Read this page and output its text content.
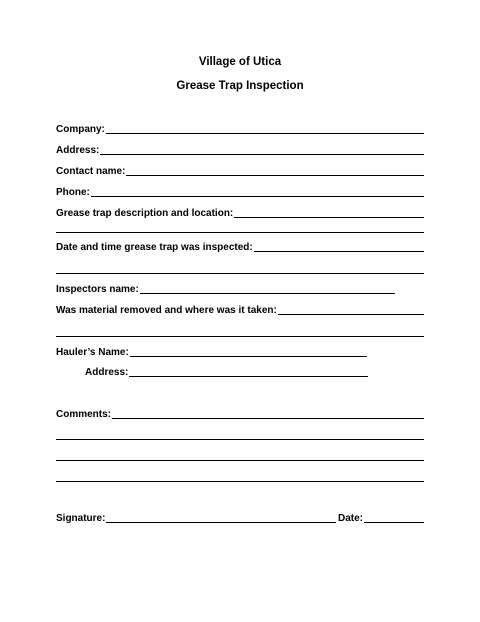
Village of Utica
Grease Trap Inspection
Company:
Address:
Contact name:
Phone:
Grease trap description and location:
Date and time grease trap was inspected:
Inspectors name:
Was material removed and where was it taken:
Hauler’s Name:
Address:
Comments:
Signature:	Date:
